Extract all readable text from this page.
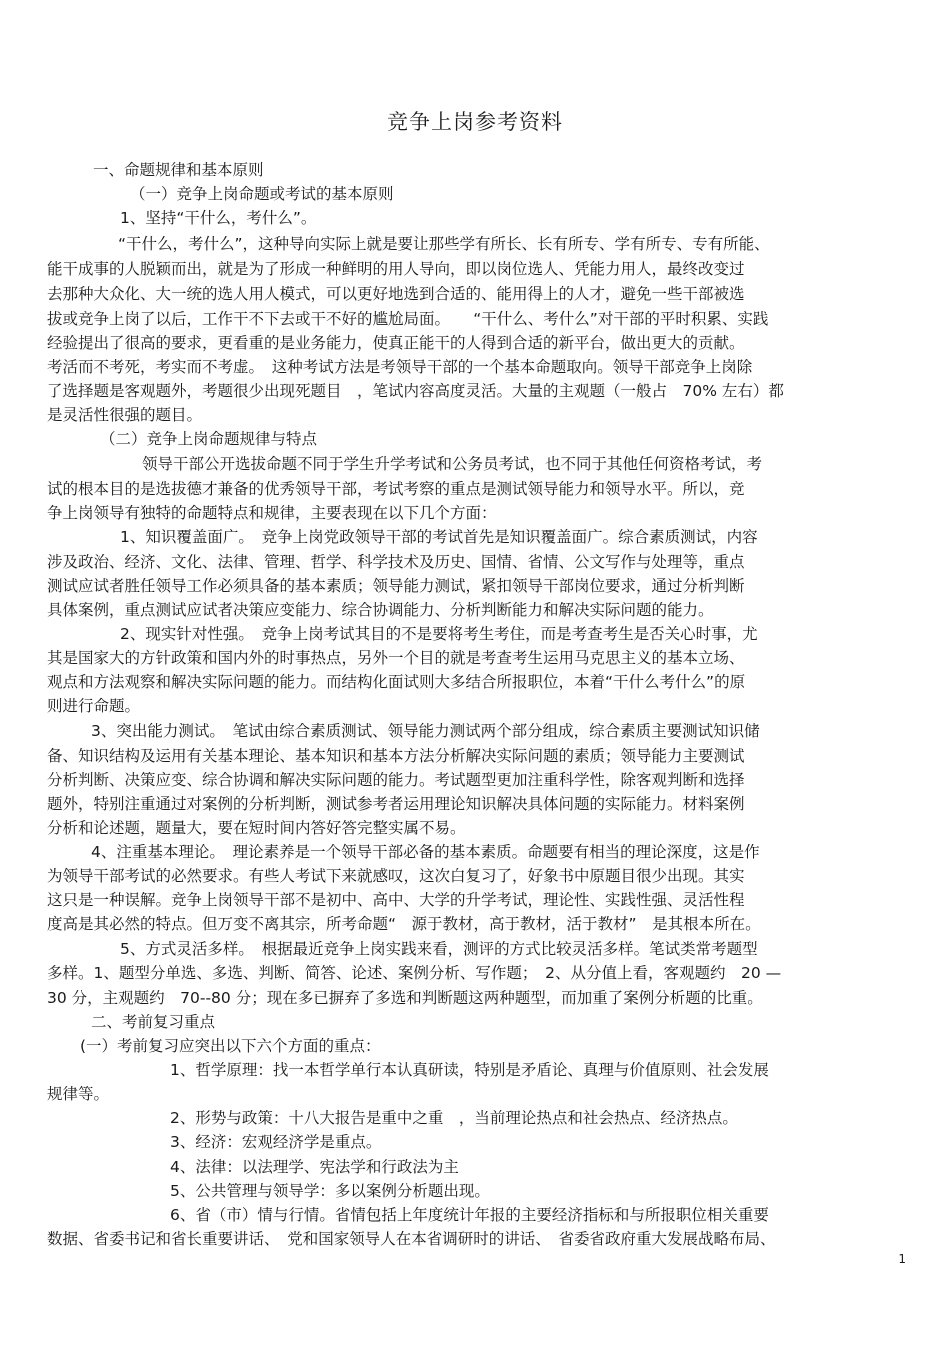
竞争上岗参考资料
一、命题规律和基本原则
（一）竞争上岗命题或考试的基本原则
1、坚持“干什么，考什么”。
“干什么，考什么”，这种导向实际上就是要让那些学有所长、长有所专、学有所专、专有所能、
能干成事的人脱颖而出，就是为了形成一种鲜明的用人导向，即以岗位选人、凭能力用人，最终改变过
去那种大众化、大一统的选人用人模式，可以更好地选到合适的、能用得上的人才，避免一些干部被选
拔或竞争上岗了以后，工作干不下去或干不好的尴尬局面。　　“干什么、考什么”对干部的平时积累、实践
经验提出了很高的要求，更看重的是业务能力，使真正能干的人得到合适的新平台，做出更大的贡献。
考活而不考死，考实而不考虚。　这种考试方法是考领导干部的一个基本命题取向。领导干部竞争上岗除
了选择题是客观题外，考题很少出现死题目　，笔试内容高度灵活。大量的主观题（一般占　70% 左右）都
是灵活性很强的题目。
（二）竞争上岗命题规律与特点
领导干部公开选拔命题不同于学生升学考试和公务员考试，也不同于其他任何资格考试，考
试的根本目的是选拔德才兼备的优秀领导干部，考试考察的重点是测试领导能力和领导水平。所以，竞
争上岗领导有独特的命题特点和规律，主要表现在以下几个方面：
1、知识覆盖面广。　竞争上岗党政领导干部的考试首先是知识覆盖面广。综合素质测试，内容
涉及政治、经济、文化、法律、管理、哲学、科学技术及历史、国情、省情、公文写作与处理等，重点
测试应试者胜任领导工作必须具备的基本素质；领导能力测试，紧扣领导干部岗位要求，通过分析判断
具体案例，重点测试应试者决策应变能力、综合协调能力、分析判断能力和解决实际问题的能力。
2、现实针对性强。　竞争上岗考试其目的不是要将考生考住，而是考查考生是否关心时事，尤
其是国家大的方针政策和国内外的时事热点，另外一个目的就是考查考生运用马克思主义的基本立场、
观点和方法观察和解决实际问题的能力。而结构化面试则大多结合所报职位，本着“干什么考什么”的原
则进行命题。
3、突出能力测试。　笔试由综合素质测试、领导能力测试两个部分组成，综合素质主要测试知识储
备、知识结构及运用有关基本理论、基本知识和基本方法分析解决实际问题的素质；领导能力主要测试
分析判断、决策应变、综合协调和解决实际问题的能力。考试题型更加注重科学性，除客观判断和选择
题外，特别注重通过对案例的分析判断，测试参考者运用理论知识解决具体问题的实际能力。材料案例
分析和论述题，题量大，要在短时间内答好答完整实属不易。
4、注重基本理论。　理论素养是一个领导干部必备的基本素质。命题要有相当的理论深度，这是作
为领导干部考试的必然要求。有些人考试下来就感叹，这次白复习了，好象书中原题目很少出现。其实
这只是一种误解。竞争上岗领导干部不是初中、高中、大学的升学考试，理论性、实践性强、灵活性程
度高是其必然的特点。但万变不离其宗，所考命题“　源于教材，高于教材，活于教材”　是其根本所在。
5、方式灵活多样。　根据最近竞争上岗实践来看，测评的方式比较灵活多样。笔试类常考题型
多样。1、题型分单选、多选、判断、简答、论述、案例分析、写作题；　2、从分值上看，客观题约　20 —
30 分，主观题约　70--80 分；现在多已摒弃了多选和判断题这两种题型，而加重了案例分析题的比重。
二、考前复习重点
(一）考前复习应突出以下六个方面的重点：
1、哲学原理：找一本哲学单行本认真研读，特别是矛盾论、真理与价值原则、社会发展
规律等。
2、形势与政策：十八大报告是重中之重　，当前理论热点和社会热点、经济热点。
3、经济：宏观经济学是重点。
4、法律：以法理学、宪法学和行政法为主
5、公共管理与领导学：多以案例分析题出现。
6、省（市）情与行情。省情包括上年度统计年报的主要经济指标和与所报职位相关重要
数据、省委书记和省长重要讲话、　党和国家领导人在本省调研时的讲话、　省委省政府重大发展战略布局、
1
